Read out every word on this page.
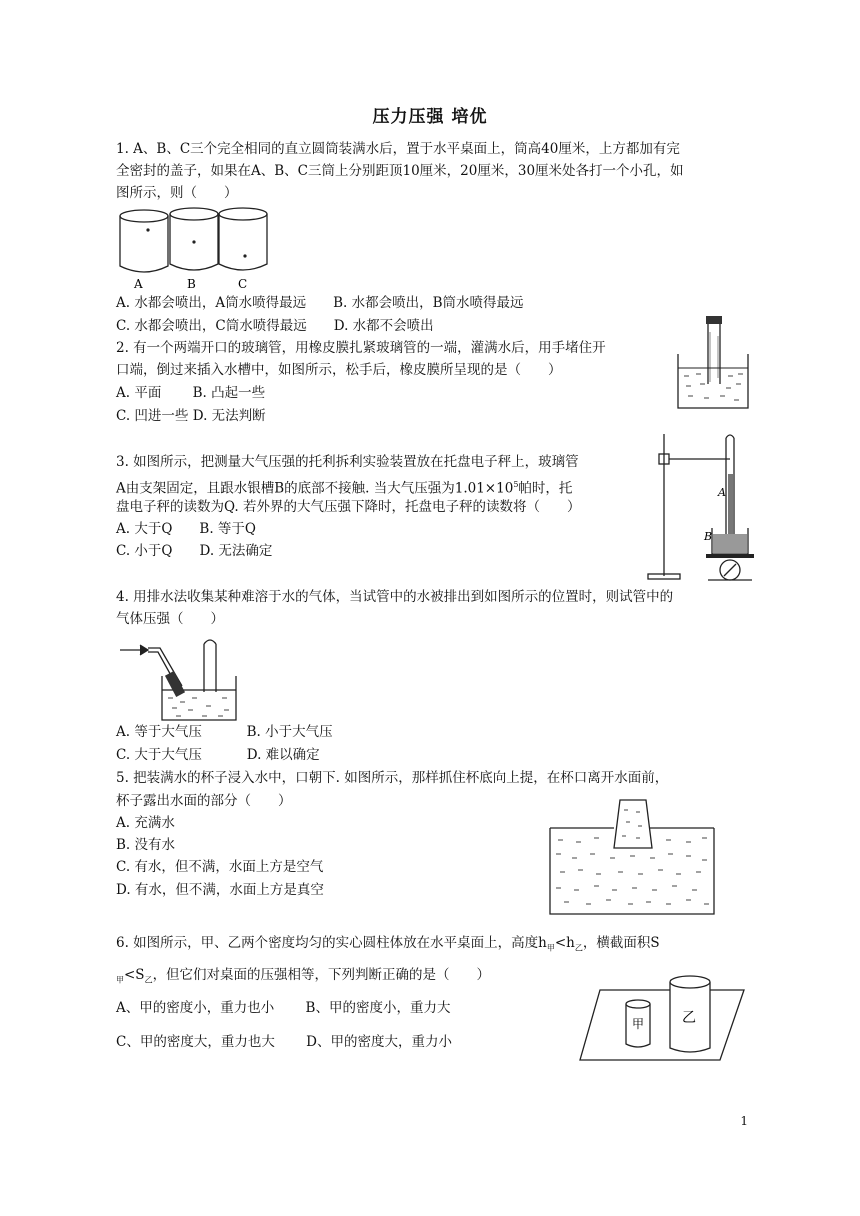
压力压强 培优
1. A、B、C三个完全相同的直立圆筒装满水后，置于水平桌面上，筒高40厘米，上方都加有完
全密封的盖子，如果在A、B、C三筒上分别距顶10厘米，20厘米，30厘米处各打一个小孔，如
图所示，则（　　）
A	B	C
A. 水都会喷出，A筒水喷得最远　　B. 水都会喷出，B筒水喷得最远
C. 水都会喷出，C筒水喷得最远　　D. 水都不会喷出
2. 有一个两端开口的玻璃管，用橡皮膜扎紧玻璃管的一端，灌满水后，用手堵住开
口端，倒过来插入水槽中，如图所示，松手后，橡皮膜所呈现的是（　　）
A. 平面　　 B. 凸起一些
C. 凹进一些 D. 无法判断
3. 如图所示，把测量大气压强的托利拆利实验装置放在托盘电子秤上，玻璃管
A由支架固定，且跟水银槽B的底部不接触. 当大气压强为$1.01\times 10^5$帕时，托
盘电子秤的读数为Q. 若外界的大气压强下降时，托盘电子秤的读数将（　　）
A. 大于Q　　B. 等于Q
C. 小于Q　　D. 无法确定
A
B
4. 用排水法收集某种难溶于水的气体，当试管中的水被排出到如图所示的位置时，则试管中的
气体压强（　　）
A. 等于大气压　　　 B. 小于大气压
C. 大于大气压　　　 D. 难以确定
5. 把装满水的杯子浸入水中，口朝下. 如图所示，那样抓住杯底向上提，在杯口离开水面前，
杯子露出水面的部分（　　）
A. 充满水
B. 没有水
C. 有水，但不满，水面上方是空气
D. 有水，但不满，水面上方是真空
6. 如图所示，甲、乙两个密度均匀的实心圆柱体放在水平桌面上，高度$h_甲<h_乙$，横截面积S
$_甲<S_乙$，但它们对桌面的压强相等，下列判断正确的是（　　）
A、甲的密度小，重力也小　　 B、甲的密度小，重力大
C、甲的密度大，重力也大　　 D、甲的密度大，重力小
甲	乙
1
